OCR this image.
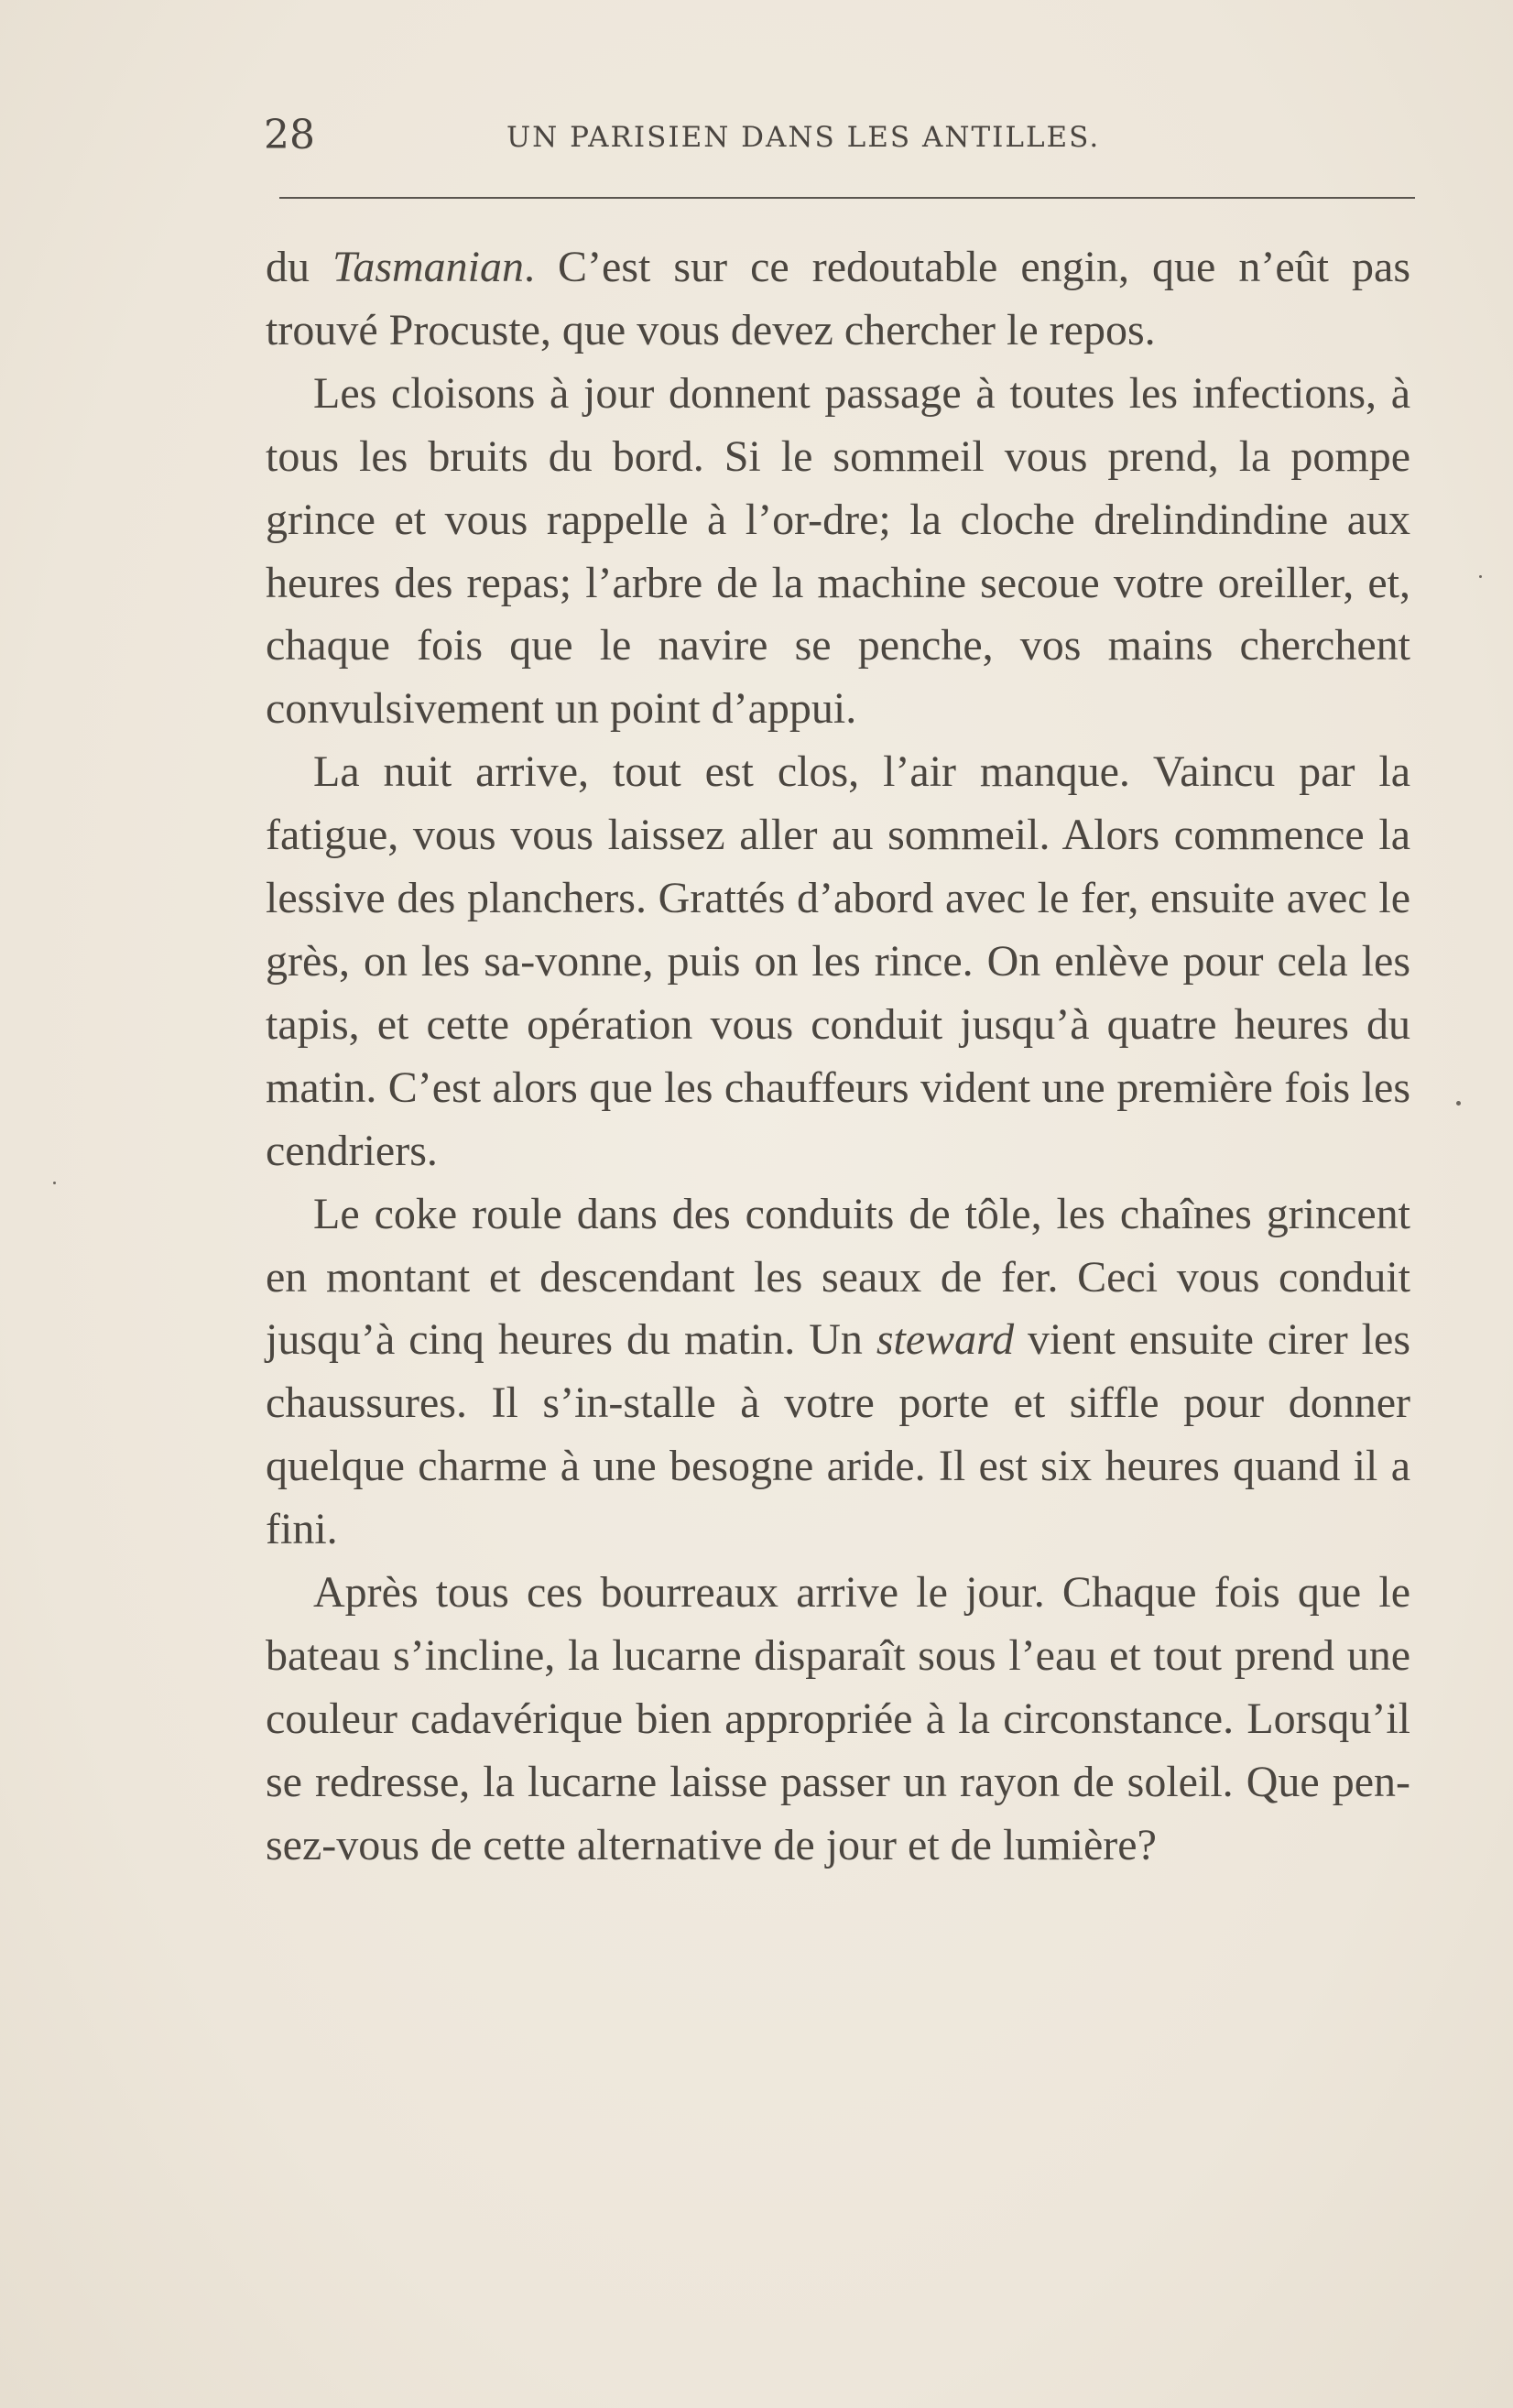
28	UN PARISIEN DANS LES ANTILLES.

du Tasmanian. C’est sur ce redoutable engin, que n’eût pas trouvé Procuste, que vous devez chercher le repos.

Les cloisons à jour donnent passage à toutes les infections, à tous les bruits du bord. Si le sommeil vous prend, la pompe grince et vous rappelle à l’or-dre; la cloche drelindindine aux heures des repas; l’arbre de la machine secoue votre oreiller, et, chaque fois que le navire se penche, vos mains cherchent convulsivement un point d’appui.

La nuit arrive, tout est clos, l’air manque. Vaincu par la fatigue, vous vous laissez aller au sommeil. Alors commence la lessive des planchers. Grattés d’abord avec le fer, ensuite avec le grès, on les sa-vonne, puis on les rince. On enlève pour cela les tapis, et cette opération vous conduit jusqu’à quatre heures du matin. C’est alors que les chauffeurs vident une première fois les cendriers.

Le coke roule dans des conduits de tôle, les chaînes grincent en montant et descendant les seaux de fer. Ceci vous conduit jusqu’à cinq heures du matin. Un steward vient ensuite cirer les chaussures. Il s’in-stalle à votre porte et siffle pour donner quelque charme à une besogne aride. Il est six heures quand il a fini.

Après tous ces bourreaux arrive le jour. Chaque fois que le bateau s’incline, la lucarne disparaît sous l’eau et tout prend une couleur cadavérique bien appropriée à la circonstance. Lorsqu’il se redresse, la lucarne laisse passer un rayon de soleil. Que pen-sez-vous de cette alternative de jour et de lumière?
